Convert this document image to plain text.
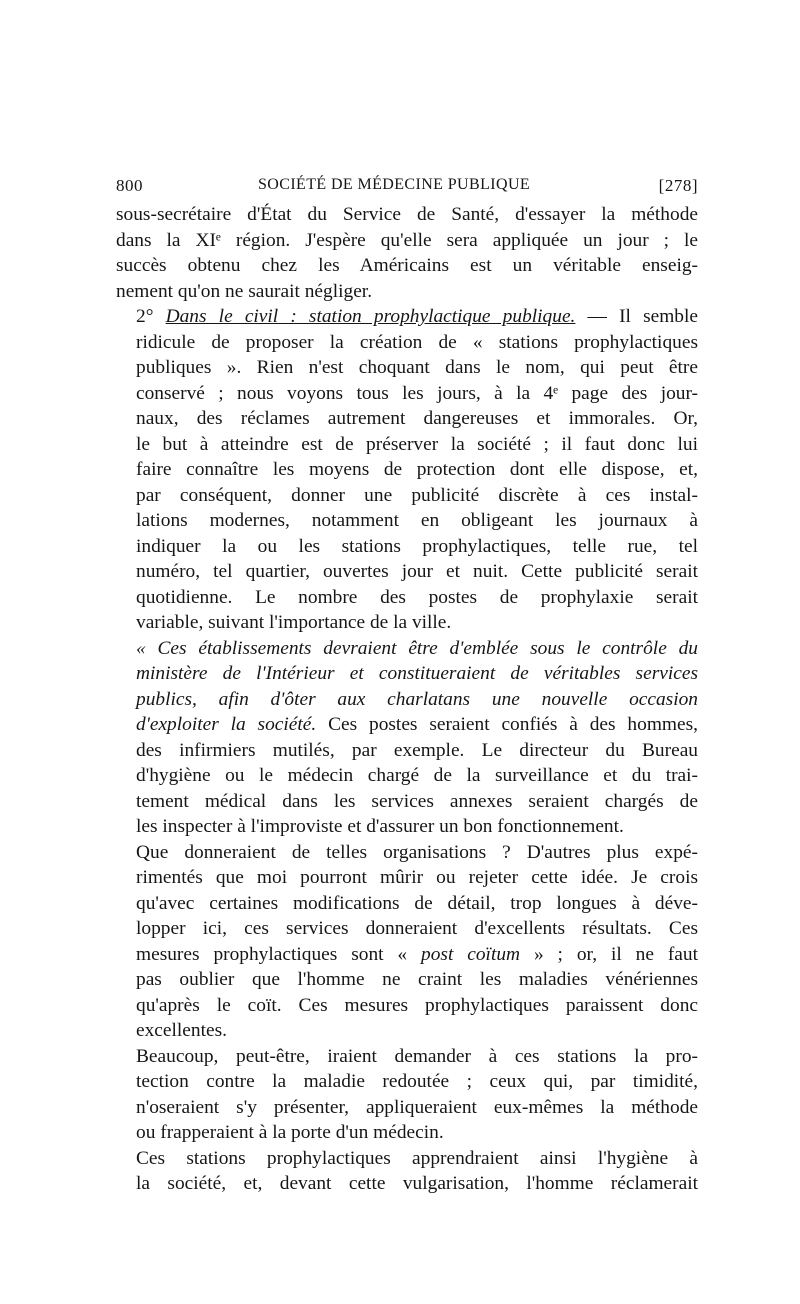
800	SOCIÉTÉ DE MÉDECINE PUBLIQUE	[278]

sous-secrétaire d'État du Service de Santé, d'essayer la méthode
dans la XIᵉ région. J'espère qu'elle sera appliquée un jour ; le
succès obtenu chez les Américains est un véritable enseig-
nement qu'on ne saurait négliger.

2° Dans le civil : station prophylactique publique. — Il semble
ridicule de proposer la création de « stations prophylactiques
publiques ». Rien n'est choquant dans le nom, qui peut être
conservé ; nous voyons tous les jours, à la 4ᵉ page des jour-
naux, des réclames autrement dangereuses et immorales. Or,
le but à atteindre est de préserver la société ; il faut donc lui
faire connaître les moyens de protection dont elle dispose, et,
par conséquent, donner une publicité discrète à ces instal-
lations modernes, notamment en obligeant les journaux à
indiquer la ou les stations prophylactiques, telle rue, tel
numéro, tel quartier, ouvertes jour et nuit. Cette publicité serait
quotidienne. Le nombre des postes de prophylaxie serait
variable, suivant l'importance de la ville.

« Ces établissements devraient être d'emblée sous le contrôle du
ministère de l'Intérieur et constitueraient de véritables services
publics, afin d'ôter aux charlatans une nouvelle occasion
d'exploiter la société. Ces postes seraient confiés à des hommes,
des infirmiers mutilés, par exemple. Le directeur du Bureau
d'hygiène ou le médecin chargé de la surveillance et du trai-
tement médical dans les services annexes seraient chargés de
les inspecter à l'improviste et d'assurer un bon fonctionnement.

Que donneraient de telles organisations ? D'autres plus expé-
rimentés que moi pourront mûrir ou rejeter cette idée. Je crois
qu'avec certaines modifications de détail, trop longues à déve-
lopper ici, ces services donneraient d'excellents résultats. Ces
mesures prophylactiques sont « post coïtum » ; or, il ne faut
pas oublier que l'homme ne craint les maladies vénériennes
qu'après le coït. Ces mesures prophylactiques paraissent donc
excellentes.

Beaucoup, peut-être, iraient demander à ces stations la pro-
tection contre la maladie redoutée ; ceux qui, par timidité,
n'oseraient s'y présenter, appliqueraient eux-mêmes la méthode
ou frapperaient à la porte d'un médecin.

Ces stations prophylactiques apprendraient ainsi l'hygiène à
la société, et, devant cette vulgarisation, l'homme réclamerait
